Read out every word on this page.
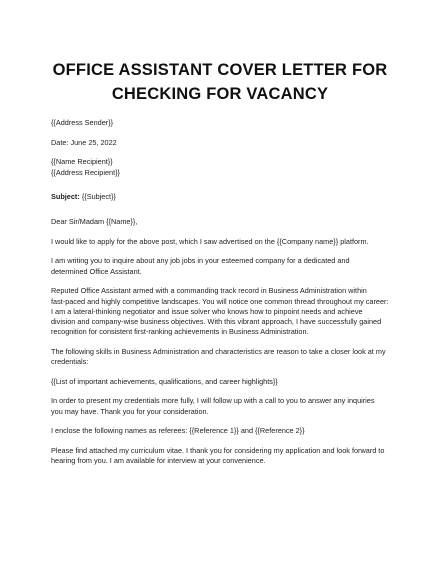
OFFICE ASSISTANT COVER LETTER FOR
CHECKING FOR VACANCY
{{Address Sender}}
Date: June 25, 2022
{{Name Recipient}}
{{Address Recipient}}
Subject: {{Subject}}
Dear Sir/Madam {{Name}},
I would like to apply for the above post, which I saw advertised on the {{Company name}} platform.
I am writing you to inquire about any job jobs in your esteemed company for a dedicated and
determined Office Assistant.
Reputed Office Assistant armed with a commanding track record in Business Administration within
fast-paced and highly competitive landscapes. You will notice one common thread throughout my career:
I am a lateral-thinking negotiator and issue solver who knows how to pinpoint needs and achieve
division and company-wise business objectives. With this vibrant approach, I have successfully gained
recognition for consistent first-ranking achievements in Business Administration.
The following skills in Business Administration and characteristics are reason to take a closer look at my
credentials:
{{List of important achievements, qualifications, and career highlights}}
In order to present my credentials more fully, I will follow up with a call to you to answer any inquiries
you may have. Thank you for your consideration.
I enclose the following names as referees: {{Reference 1}} and {{Reference 2}}
Please find attached my curriculum vitae. I thank you for considering my application and look forward to
hearing from you. I am available for interview at your convenience.
